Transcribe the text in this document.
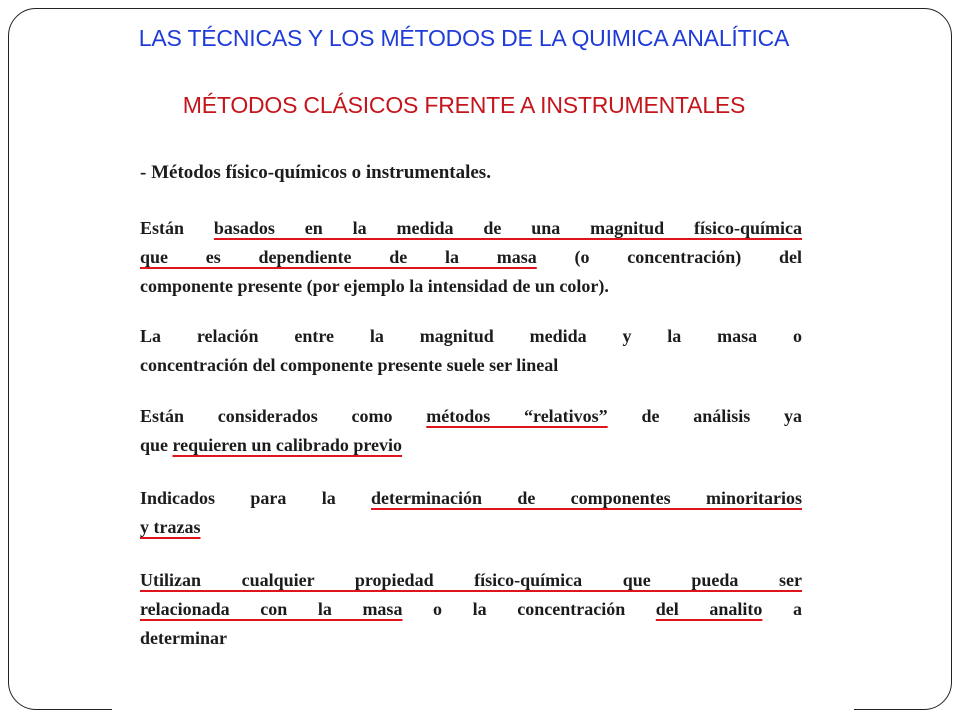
LAS TÉCNICAS Y LOS MÉTODOS DE LA QUIMICA ANALÍTICA
MÉTODOS CLÁSICOS FRENTE A INSTRUMENTALES
- Métodos físico-químicos o instrumentales.
Están basados en la medida de una magnitud físico-química
que es dependiente de la masa (o concentración) del
componente presente (por ejemplo la intensidad de un color).
La relación entre la magnitud medida y la masa o
concentración del componente presente suele ser lineal
Están considerados como métodos “relativos” de análisis ya
que requieren un calibrado previo
Indicados para la determinación de componentes minoritarios
y trazas
Utilizan cualquier propiedad físico-química que pueda ser
relacionada con la masa o la concentración del analito a
determinar
